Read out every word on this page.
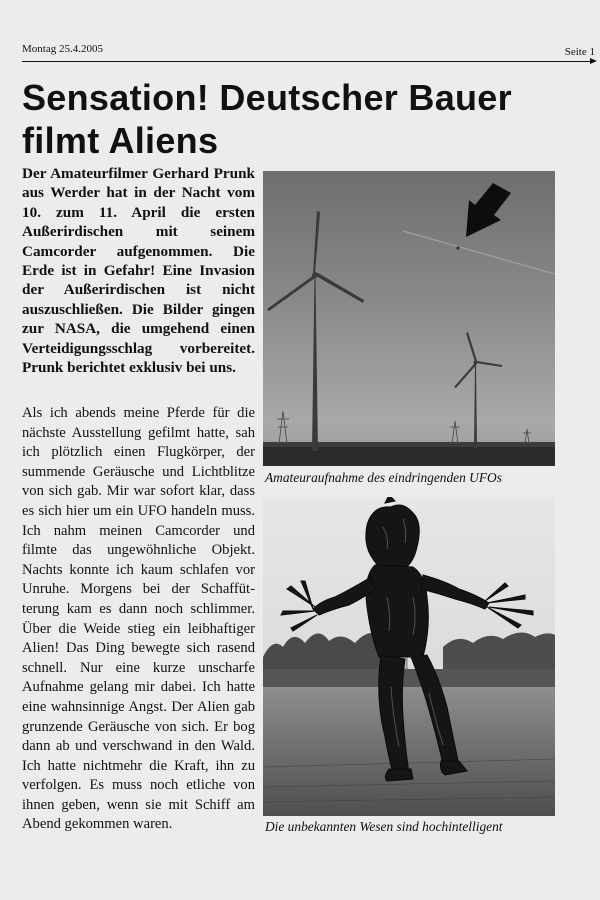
Montag 25.4.2005	Seite 1
Sensation! Deutscher Bauer filmt Aliens

Der Amateurfilmer Gerhard Prunk aus Werder hat in der Nacht vom 10. zum 11. April die ersten Außerirdischen mit seinem Camcorder aufgenommen. Die Erde ist in Gefahr! Eine Invasion der Außerirdischen ist nicht auszuschließen. Die Bilder gingen zur NASA, die umgehend einen Verteidigungsschlag vorbereitet. Prunk berichtet exklusiv bei uns.

Als ich abends meine Pferde für die nächste Ausstellung gefilmt hatte, sah ich plötzlich einen Flugkörper, der summende Geräusche und Lichtblitze von sich gab. Mir war sofort klar, dass es sich hier um ein UFO handeln muss. Ich nahm meinen Camcorder und filmte das ungewöhnliche Objekt. Nachts konnte ich kaum schlafen vor Unruhe. Morgens bei der Schaffütterung kam es dann noch schlimmer. Über die Weide stieg ein leibhaftiger Alien! Das Ding bewegte sich rasend schnell. Nur eine kurze unscharfe Aufnahme gelang mir dabei. Ich hatte eine wahnsinnige Angst. Der Alien gab grunzende Geräusche von sich. Er bog dann ab und verschwand in den Wald. Ich hatte nichtmehr die Kraft, ihn zu verfolgen. Es muss noch etliche von ihnen geben, wenn sie mit Schiff am Abend gekommen waren.

Amateuraufnahme des eindringenden UFOs

Die unbekannten Wesen sind hochintelligent
